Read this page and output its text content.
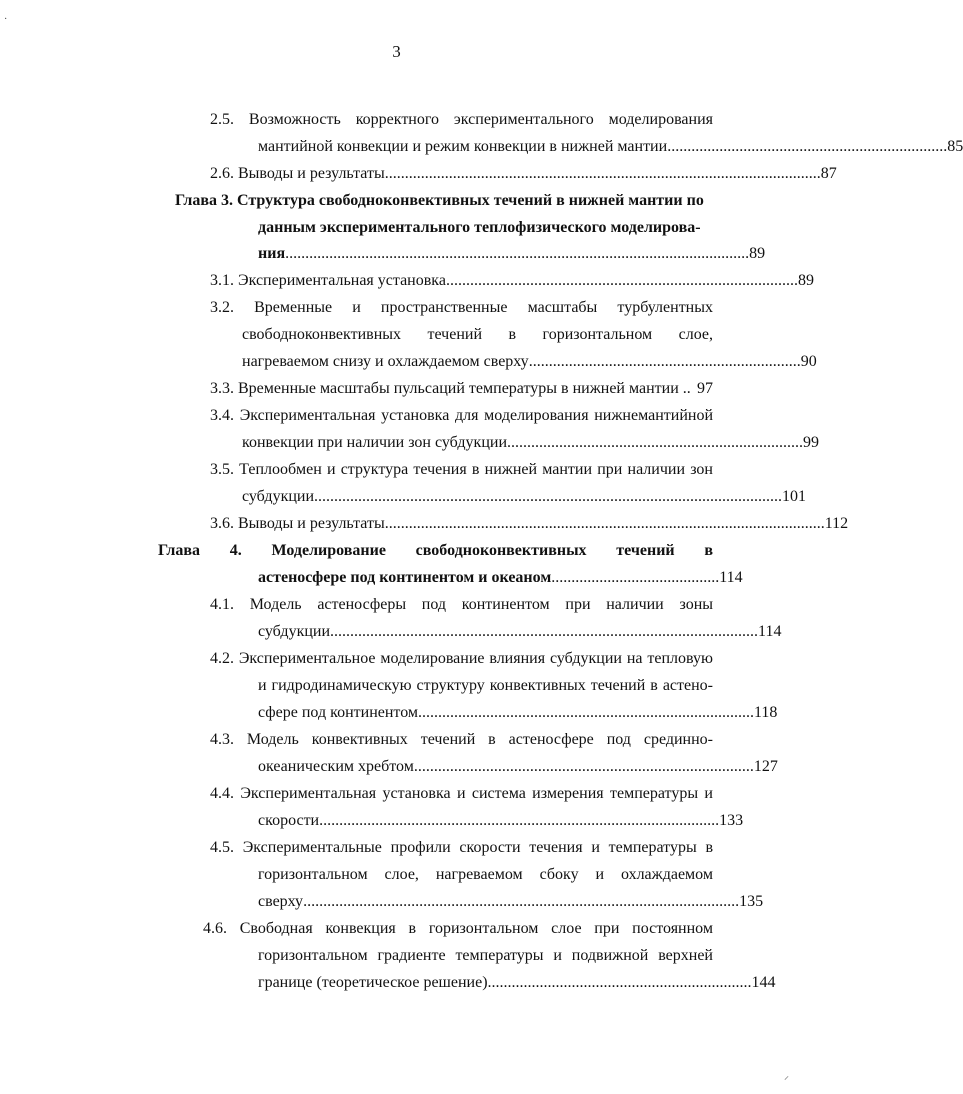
3
2.5. Возможность корректного экспериментального моделирования
мантийной конвекции и режим конвекции в нижней мантии ...................................................................... 85
2.6. Выводы и результаты ............................................................................................................. 87
Глава 3. Структура свободноконвективных течений в нижней мантии по
данным экспериментального теплофизического моделирова-
ния .................................................................................................................... 89
3.1. Экспериментальная установка ........................................................................................ 89
3.2. Временные и пространственные масштабы турбулентных
свободноконвективных течений в горизонтальном слое,
нагреваемом снизу и охлаждаемом сверху .................................................................... 90
3.3. Временные масштабы пульсаций температуры в нижней мантии .. 97
3.4. Экспериментальная установка для моделирования нижнемантийной
конвекции при наличии зон субдукции .......................................................................... 99
3.5. Теплообмен и структура течения в нижней мантии при наличии зон
субдукции ..................................................................................................................... 101
3.6. Выводы и результаты .............................................................................................................. 112
Глава 4. Моделирование свободноконвективных течений в
астеносфере под континентом и океаном .......................................... 114
4.1. Модель астеносферы под континентом при наличии зоны
субдукции ........................................................................................................... 114
4.2. Экспериментальное моделирование влияния субдукции на тепловую
и гидродинамическую структуру конвективных течений в астено-
сфере под континентом .................................................................................... 118
4.3. Модель конвективных течений в астеносфере под срединно-
океаническим хребтом ..................................................................................... 127
4.4. Экспериментальная установка и система измерения температуры и
скорости .................................................................................................... 133
4.5. Экспериментальные профили скорости течения и температуры в
горизонтальном слое, нагреваемом сбоку и охлаждаемом
сверху ............................................................................................................. 135
4.6. Свободная конвекция в горизонтальном слое при постоянном
горизонтальном градиенте температуры и подвижной верхней
границе (теоретическое решение) .................................................................. 144
·
⸝
